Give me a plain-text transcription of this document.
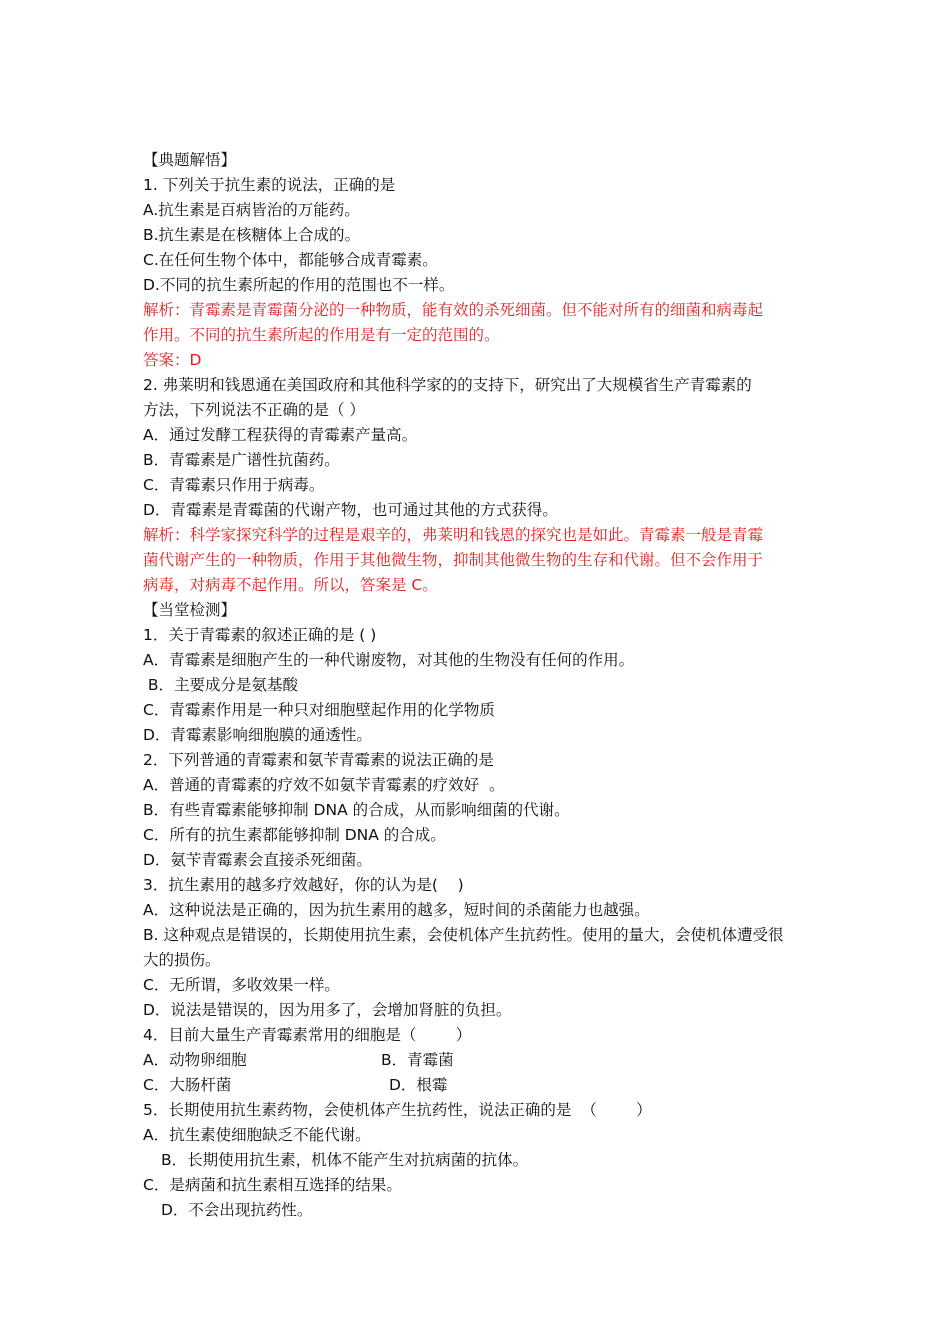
【典题解悟】
1. 下列关于抗生素的说法，正确的是
A.抗生素是百病皆治的万能药。
B.抗生素是在核糖体上合成的。
C.在任何生物个体中，都能够合成青霉素。
D.不同的抗生素所起的作用的范围也不一样。
解析：青霉素是青霉菌分泌的一种物质，能有效的杀死细菌。但不能对所有的细菌和病毒起
作用。不同的抗生素所起的作用是有一定的范围的。
答案：D
2. 弗莱明和钱恩通在美国政府和其他科学家的的支持下，研究出了大规模省生产青霉素的
方法，下列说法不正确的是（ ）
A．通过发酵工程获得的青霉素产量高。
B．青霉素是广谱性抗菌药。
C．青霉素只作用于病毒。
D．青霉素是青霉菌的代谢产物，也可通过其他的方式获得。
解析：科学家探究科学的过程是艰辛的，弗莱明和钱恩的探究也是如此。青霉素一般是青霉
菌代谢产生的一种物质，作用于其他微生物，抑制其他微生物的生存和代谢。但不会作用于
病毒，对病毒不起作用。所以，答案是 C。
【当堂检测】
1．关于青霉素的叙述正确的是 ( )
A．青霉素是细胞产生的一种代谢废物，对其他的生物没有任何的作用。
B．主要成分是氨基酸
C．青霉素作用是一种只对细胞壁起作用的化学物质
D．青霉素影响细胞膜的通透性。
2．下列普通的青霉素和氨苄青霉素的说法正确的是
A．普通的青霉素的疗效不如氨苄青霉素的疗效好  。
B．有些青霉素能够抑制 DNA 的合成，从而影响细菌的代谢。
C．所有的抗生素都能够抑制 DNA 的合成。
D．氨苄青霉素会直接杀死细菌。
3．抗生素用的越多疗效越好，你的认为是(    )
A．这种说法是正确的，因为抗生素用的越多，短时间的杀菌能力也越强。
B. 这种观点是错误的，长期使用抗生素，会使机体产生抗药性。使用的量大，会使机体遭受很
大的损伤。
C．无所谓，多收效果一样。
D．说法是错误的，因为用多了，会增加肾脏的负担。
4．目前大量生产青霉素常用的细胞是（        ）
A．动物卵细胞	B．青霉菌
C．大肠杆菌	D．根霉
5．长期使用抗生素药物，会使机体产生抗药性，说法正确的是  （        ）
A．抗生素使细胞缺乏不能代谢。
B．长期使用抗生素，机体不能产生对抗病菌的抗体。
C．是病菌和抗生素相互选择的结果。
D．不会出现抗药性。
